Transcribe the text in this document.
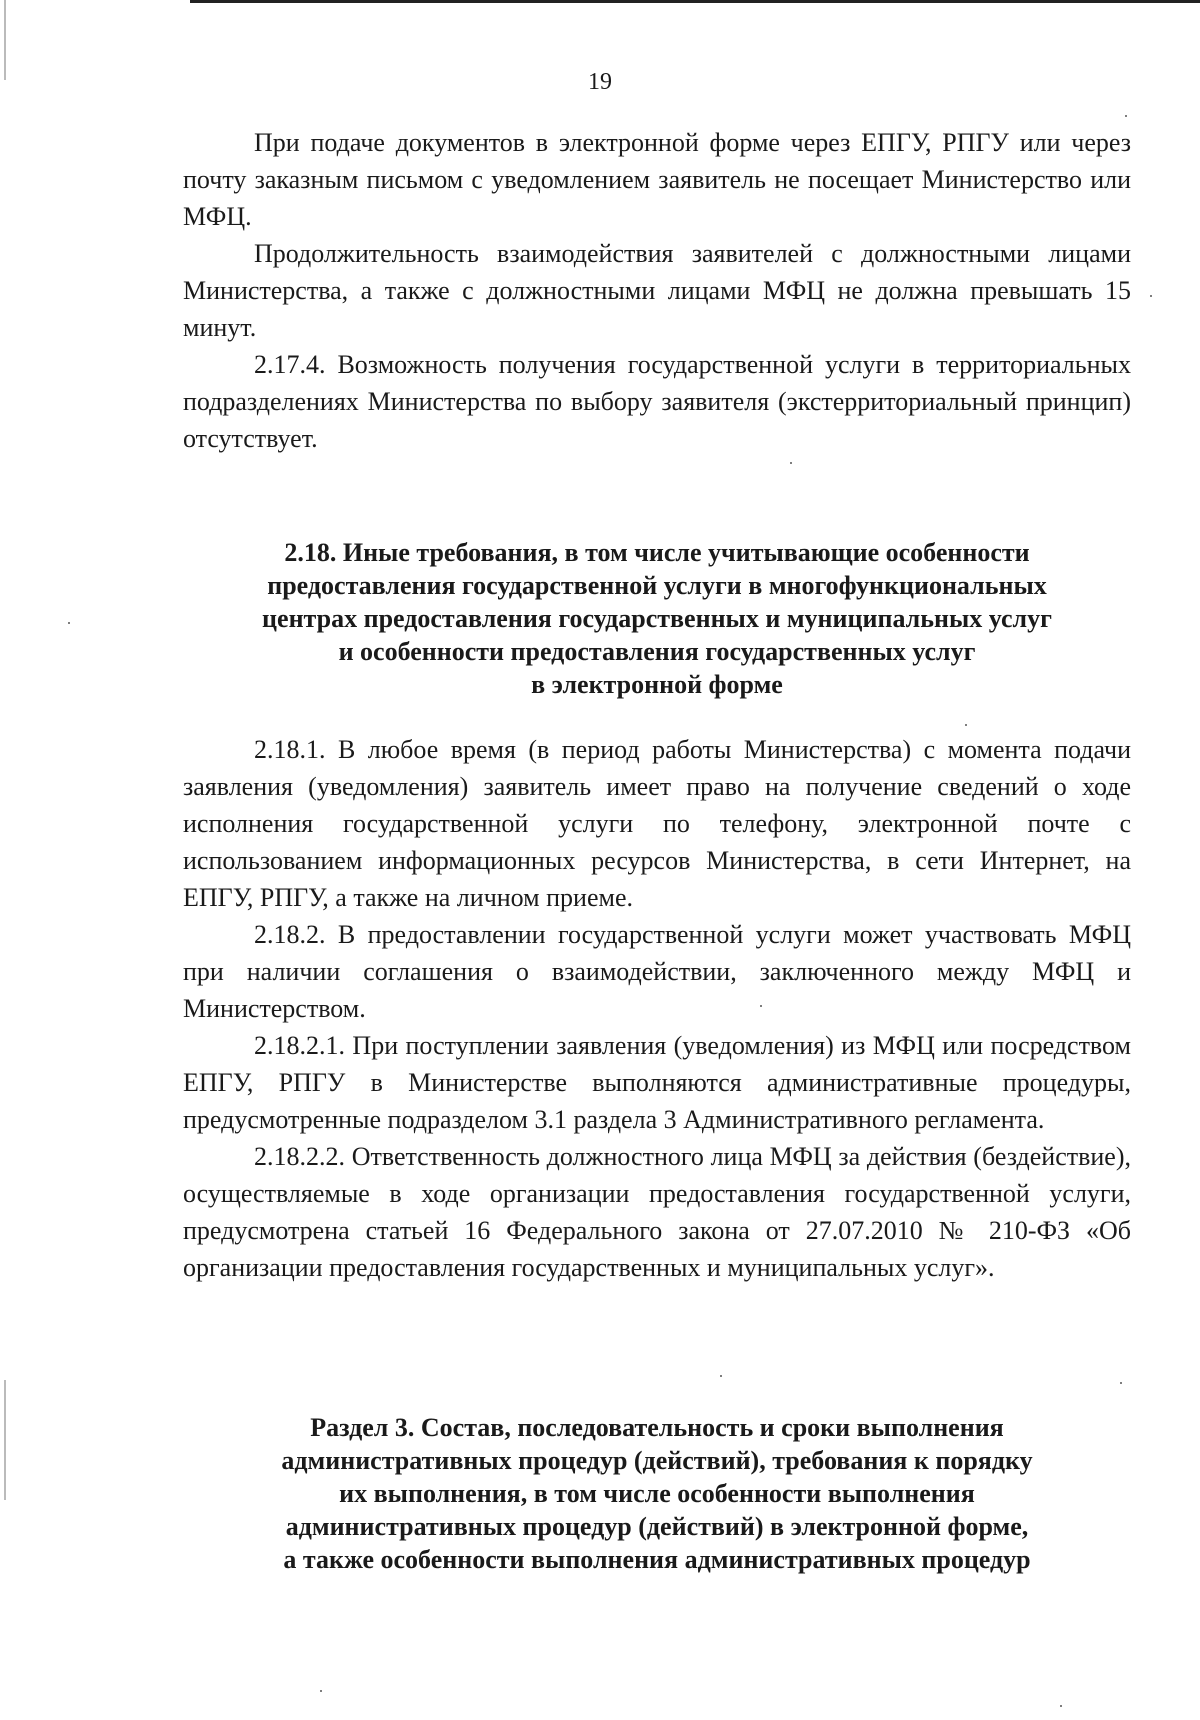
19

При подаче документов в электронной форме через ЕПГУ, РПГУ или через почту заказным письмом с уведомлением заявитель не посещает Министерство или МФЦ.

Продолжительность взаимодействия заявителей с должностными лицами Министерства, а также с должностными лицами МФЦ не должна превышать 15 минут.

2.17.4. Возможность получения государственной услуги в территориальных подразделениях Министерства по выбору заявителя (экстерриториальный принцип) отсутствует.

2.18. Иные требования, в том числе учитывающие особенности
предоставления государственной услуги в многофункциональных
центрах предоставления государственных и муниципальных услуг
и особенности предоставления государственных услуг
в электронной форме

2.18.1. В любое время (в период работы Министерства) с момента подачи заявления (уведомления) заявитель имеет право на получение сведений о ходе исполнения государственной услуги по телефону, электронной почте с использованием информационных ресурсов Министерства, в сети Интернет, на ЕПГУ, РПГУ, а также на личном приеме.

2.18.2. В предоставлении государственной услуги может участвовать МФЦ при наличии соглашения о взаимодействии, заключенного между МФЦ и Министерством.

2.18.2.1. При поступлении заявления (уведомления) из МФЦ или посредством ЕПГУ, РПГУ в Министерстве выполняются административные процедуры, предусмотренные подразделом 3.1 раздела 3 Административного регламента.

2.18.2.2. Ответственность должностного лица МФЦ за действия (бездействие), осуществляемые в ходе организации предоставления государственной услуги, предусмотрена статьей 16 Федерального закона от 27.07.2010 № 210-ФЗ «Об организации предоставления государственных и муниципальных услуг».

Раздел 3. Состав, последовательность и сроки выполнения
административных процедур (действий), требования к порядку
их выполнения, в том числе особенности выполнения
административных процедур (действий) в электронной форме,
а также особенности выполнения административных процедур
